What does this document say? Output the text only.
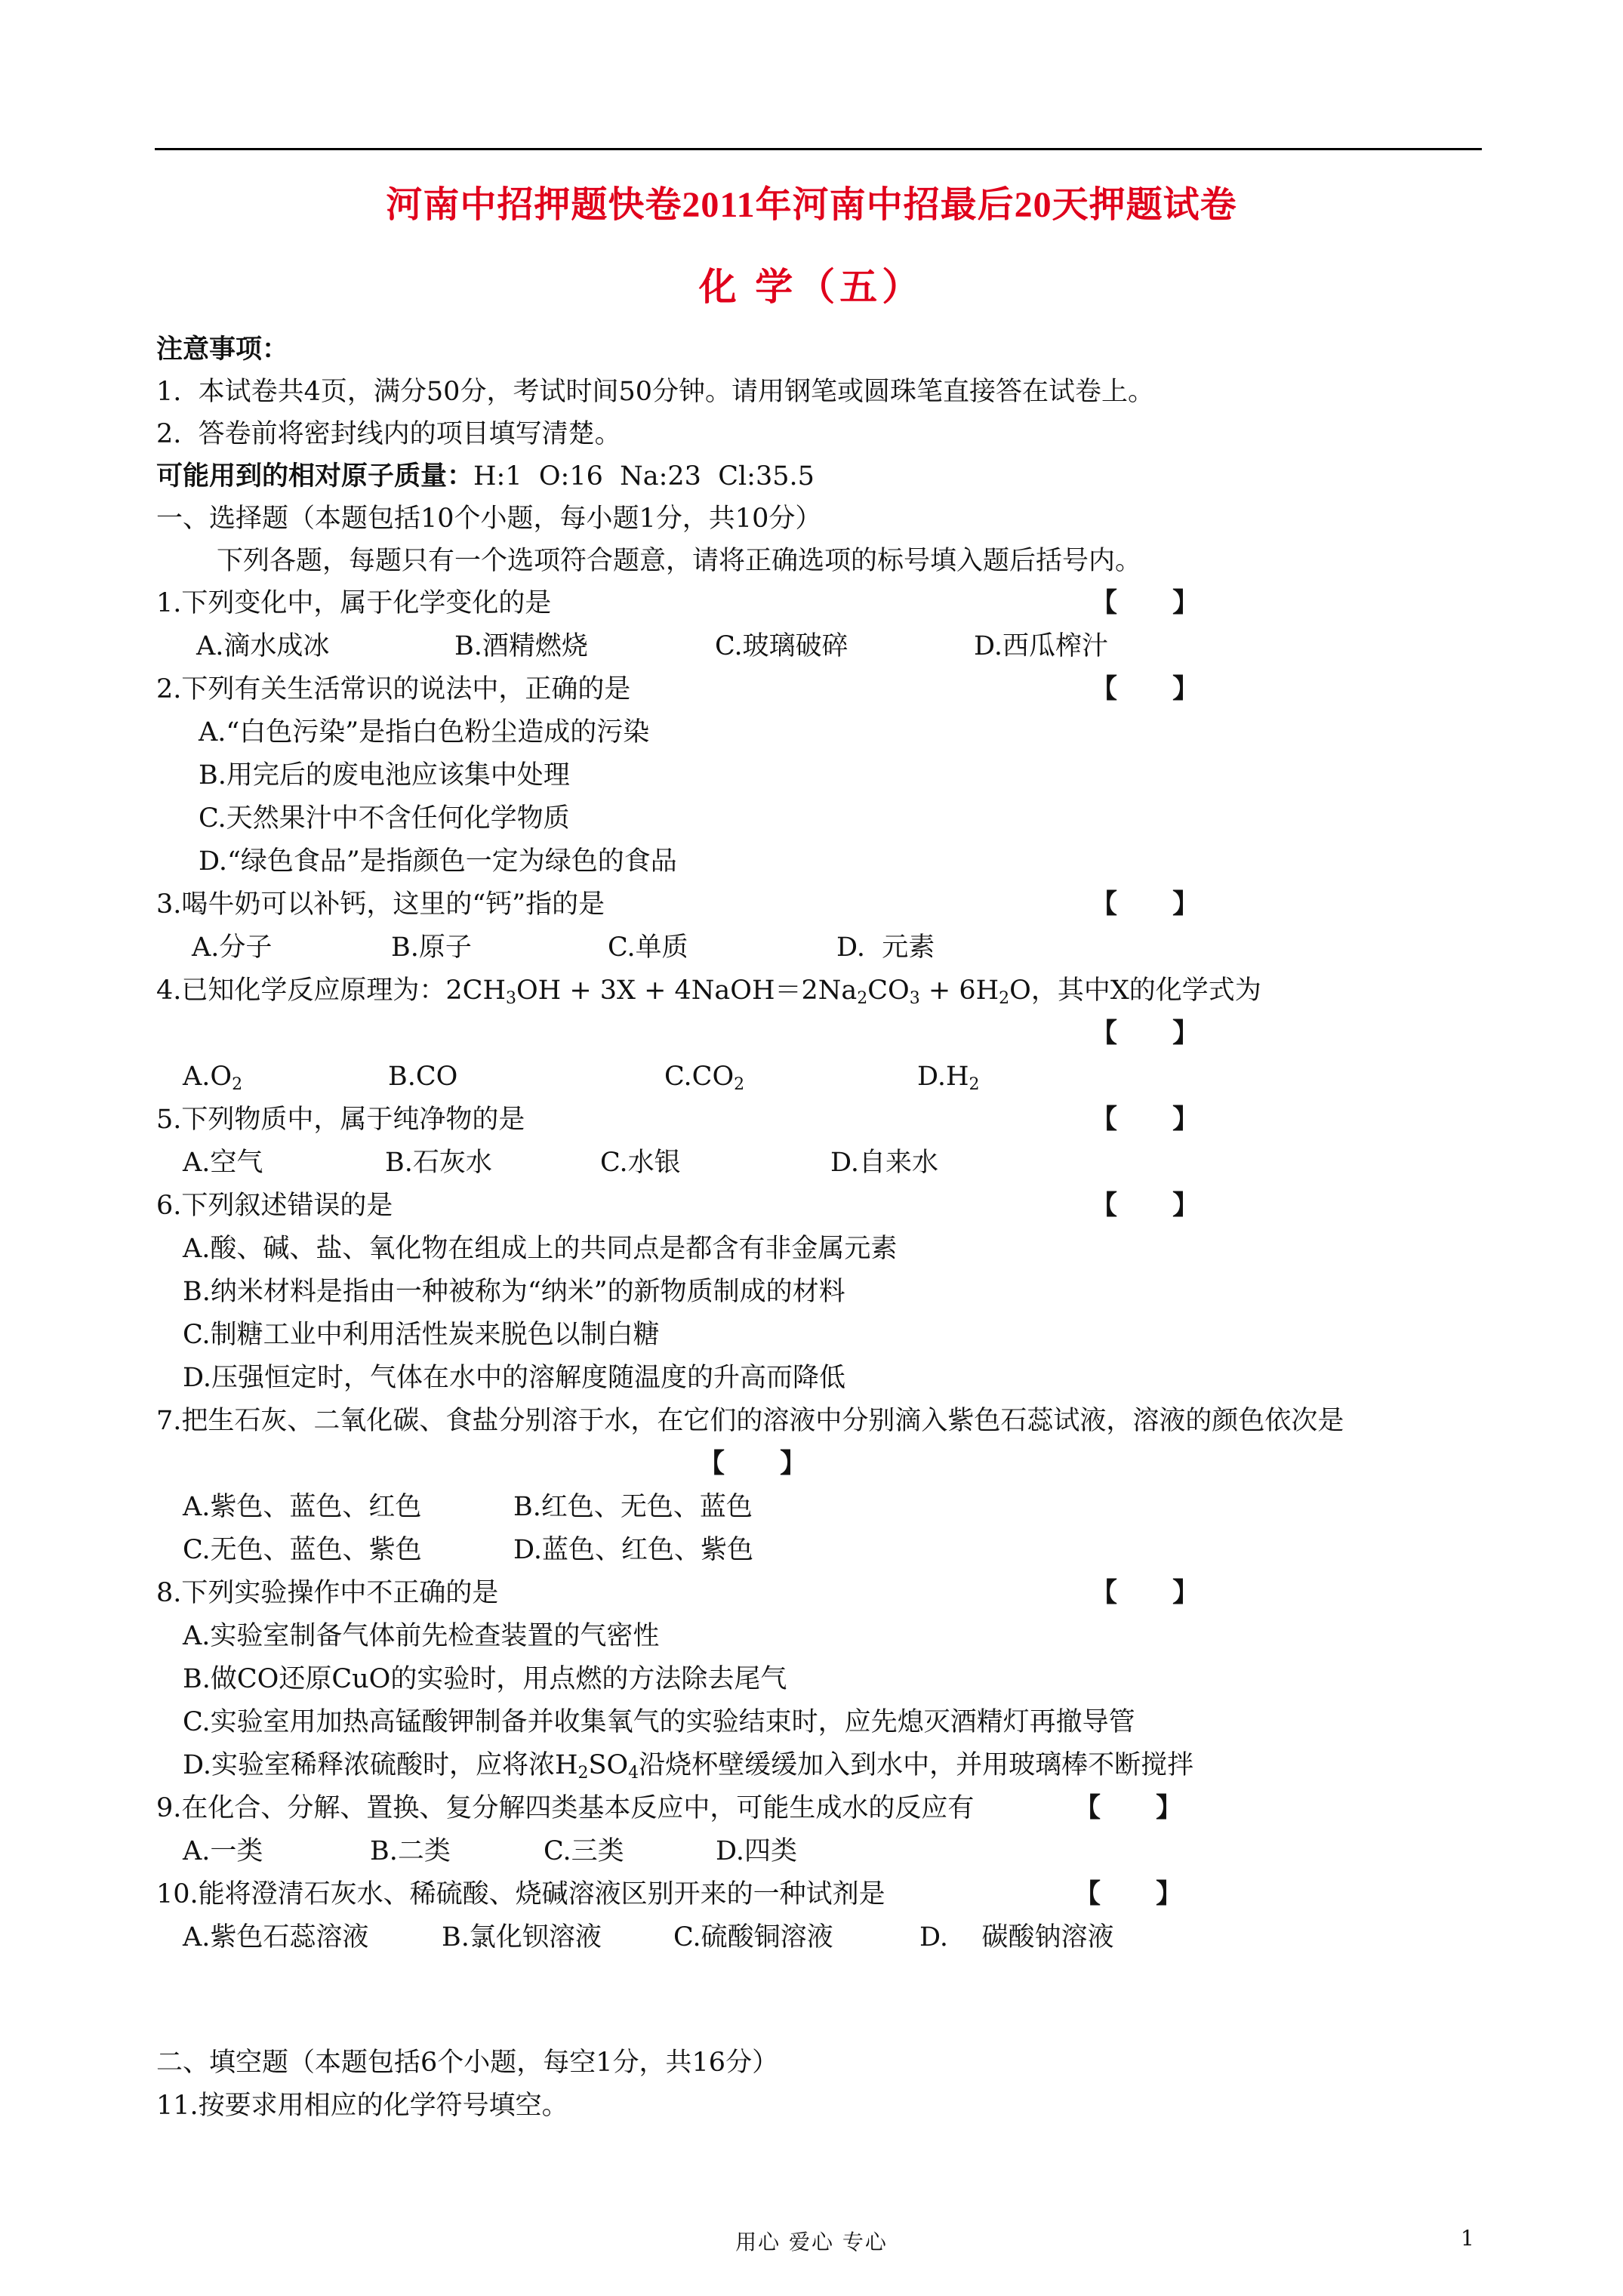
河南中招押题快卷2011年河南中招最后20天押题试卷
化 学（五）
注意事项：
1.  本试卷共4页，满分50分，考试时间50分钟。请用钢笔或圆珠笔直接答在试卷上。
2.  答卷前将密封线内的项目填写清楚。
可能用到的相对原子质量：H:1  O:16  Na:23  Cl:35.5
一、选择题（本题包括10个小题，每小题1分，共10分）
下列各题，每题只有一个选项符合题意，请将正确选项的标号填入题后括号内。
1.下列变化中，属于化学变化的是	【      】
A.滴水成冰	B.酒精燃烧	C.玻璃破碎	D.西瓜榨汁
2.下列有关生活常识的说法中，正确的是	【      】
A.“白色污染”是指白色粉尘造成的污染
B.用完后的废电池应该集中处理
C.天然果汁中不含任何化学物质
D.“绿色食品”是指颜色一定为绿色的食品
3.喝牛奶可以补钙，这里的“钙”指的是	【      】
A.分子	B.原子	C.单质	D.  元素
4.已知化学反应原理为：$2CH_3OH + 3X$ + $4NaOH=2Na_2CO_3 + 6H_2O$，其中X的化学式为
【      】
$A.O_2$	B.CO	$C.CO_2$	$D.H_2$
5.下列物质中，属于纯净物的是	【      】
A.空气	B.石灰水	C.水银	D.自来水
6.下列叙述错误的是	【      】
A.酸、碱、盐、氧化物在组成上的共同点是都含有非金属元素
B.纳米材料是指由一种被称为“纳米”的新物质制成的材料
C.制糖工业中利用活性炭来脱色以制白糖
D.压强恒定时，气体在水中的溶解度随温度的升高而降低
7.把生石灰、二氧化碳、食盐分别溶于水，在它们的溶液中分别滴入紫色石蕊试液，溶液的颜色依次是
【      】
A.紫色、蓝色、红色	B.红色、无色、蓝色
C.无色、蓝色、紫色	D.蓝色、红色、紫色
8.下列实验操作中不正确的是	【      】
A.实验室制备气体前先检查装置的气密性
B.做CO还原CuO的实验时，用点燃的方法除去尾气
C.实验室用加热高锰酸钾制备并收集氧气的实验结束时，应先熄灭酒精灯再撤导管
D.实验室稀释浓硫酸时，应将浓$H_2SO_4$沿烧杯壁缓缓加入到水中，并用玻璃棒不断搅拌
9.在化合、分解、置换、复分解四类基本反应中，可能生成水的反应有	【      】
A.一类	B.二类	C.三类	D.四类
10.能将澄清石灰水、稀硫酸、烧碱溶液区别开来的一种试剂是	【      】
A.紫色石蕊溶液	B.氯化钡溶液	C.硫酸铜溶液	D.    碳酸钠溶液
二、填空题（本题包括6个小题，每空1分，共16分）
11.按要求用相应的化学符号填空。
用心 爱心 专心	1
